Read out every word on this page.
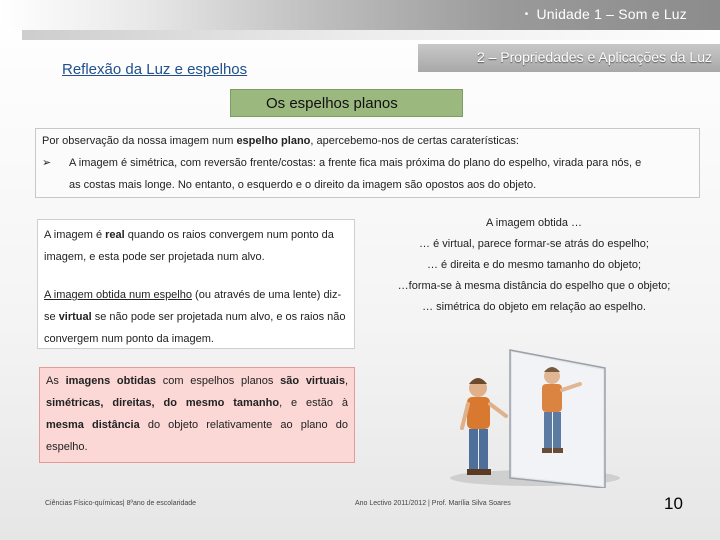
• Unidade 1 – Som e Luz
2 – Propriedades e Aplicações da Luz
Reflexão da Luz e espelhos
Os espelhos planos
Por observação da nossa imagem num espelho plano, apercebemo-nos de certas caraterísticas:
➢	A imagem é simétrica, com reversão frente/costas: a frente fica mais próxima do plano do espelho, virada para nós, e
as costas mais longe. No entanto, o esquerdo e o direito da imagem são opostos aos do objeto.

A imagem é real quando os raios convergem num ponto da imagem, e esta pode ser projetada num alvo.

A imagem obtida num espelho (ou através de uma lente) diz-se virtual se não pode ser projetada num alvo, e os raios não convergem num ponto da imagem.

A imagem obtida …
… é virtual, parece formar-se atrás do espelho;
… é direita e do mesmo tamanho do objeto;
…forma-se à mesma distância do espelho que o objeto;
… simétrica do objeto em relação ao espelho.
As imagens obtidas com espelhos planos são virtuais, simétricas, direitas, do mesmo tamanho, e estão à mesma distância do objeto relativamente ao plano do espelho.
Ciências Físico-químicas| 8ºano de escolaridade	Ano Lectivo 2011/2012 | Prof. Marília Silva Soares	10
